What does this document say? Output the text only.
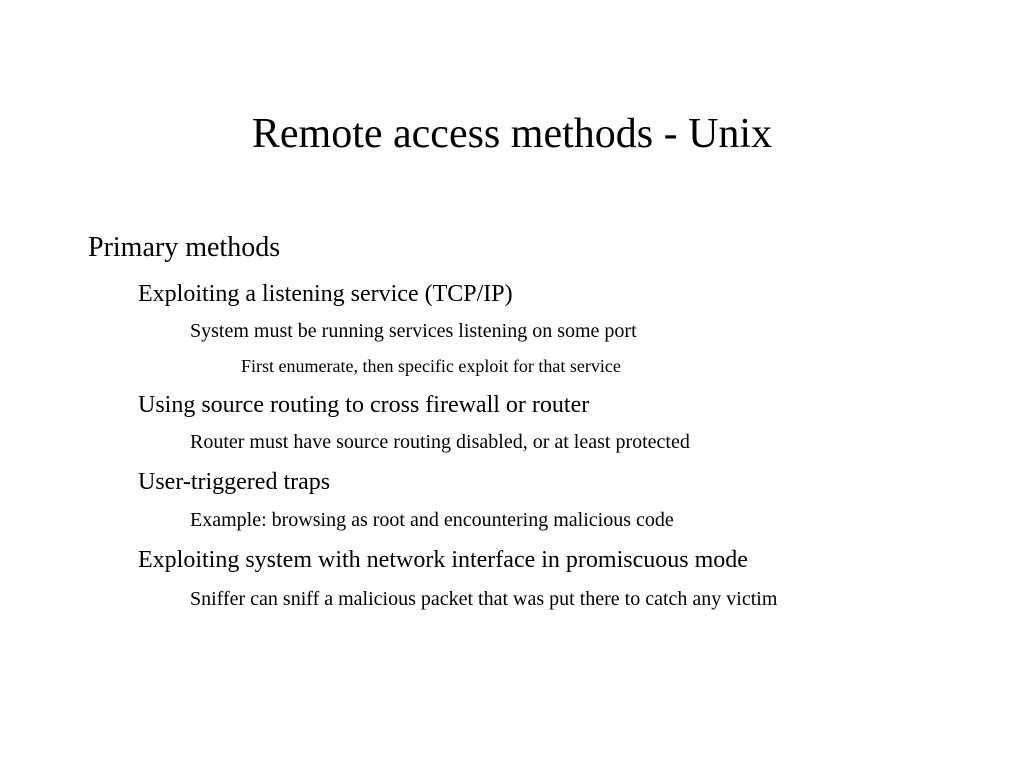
Remote access methods - Unix

Primary methods

Exploiting a listening service (TCP/IP)

System must be running services listening on some port

First enumerate, then specific exploit for that service

Using source routing to cross firewall or router

Router must have source routing disabled, or at least protected

User-triggered traps

Example: browsing as root and encountering malicious code

Exploiting system with network interface in promiscuous mode

Sniffer can sniff a malicious packet that was put there to catch any victim
